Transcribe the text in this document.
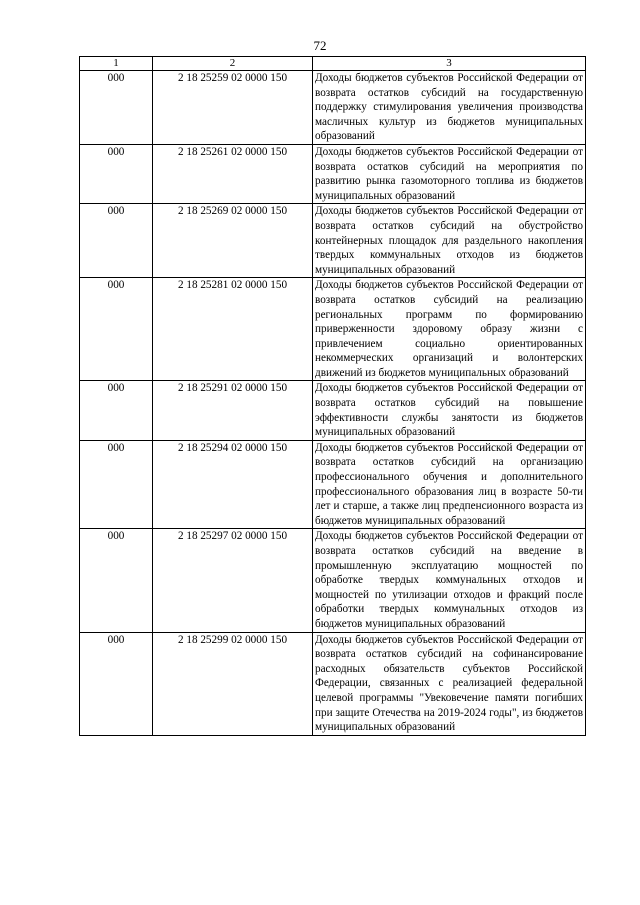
72
1	2	3
000	2 18 25259 02 0000 150	Доходы бюджетов субъектов Российской Федерации от возврата остатков субсидий на государственную поддержку стимулирования увеличения производства масличных культур из бюджетов муниципальных образований
000	2 18 25261 02 0000 150	Доходы бюджетов субъектов Российской Федерации от возврата остатков субсидий на мероприятия по развитию рынка газомоторного топлива из бюджетов муниципальных образований
000	2 18 25269 02 0000 150	Доходы бюджетов субъектов Российской Федерации от возврата остатков субсидий на обустройство контейнерных площадок для раздельного накопления твердых коммунальных отходов из бюджетов муниципальных образований
000	2 18 25281 02 0000 150	Доходы бюджетов субъектов Российской Федерации от возврата остатков субсидий на реализацию региональных программ по формированию приверженности здоровому образу жизни с привлечением социально ориентированных некоммерческих организаций и волонтерских движений из бюджетов муниципальных образований
000	2 18 25291 02 0000 150	Доходы бюджетов субъектов Российской Федерации от возврата остатков субсидий на повышение эффективности службы занятости из бюджетов муниципальных образований
000	2 18 25294 02 0000 150	Доходы бюджетов субъектов Российской Федерации от возврата остатков субсидий на организацию профессионального обучения и дополнительного профессионального образования лиц в возрасте 50-ти лет и старше, а также лиц предпенсионного возраста из бюджетов муниципальных образований
000	2 18 25297 02 0000 150	Доходы бюджетов субъектов Российской Федерации от возврата остатков субсидий на введение в промышленную эксплуатацию мощностей по обработке твердых коммунальных отходов и мощностей по утилизации отходов и фракций после обработки твердых коммунальных отходов из бюджетов муниципальных образований
000	2 18 25299 02 0000 150	Доходы бюджетов субъектов Российской Федерации от возврата остатков субсидий на софинансирование расходных обязательств субъектов Российской Федерации, связанных с реализацией федеральной целевой программы "Увековечение памяти погибших при защите Отечества на 2019-2024 годы", из бюджетов муниципальных образований
